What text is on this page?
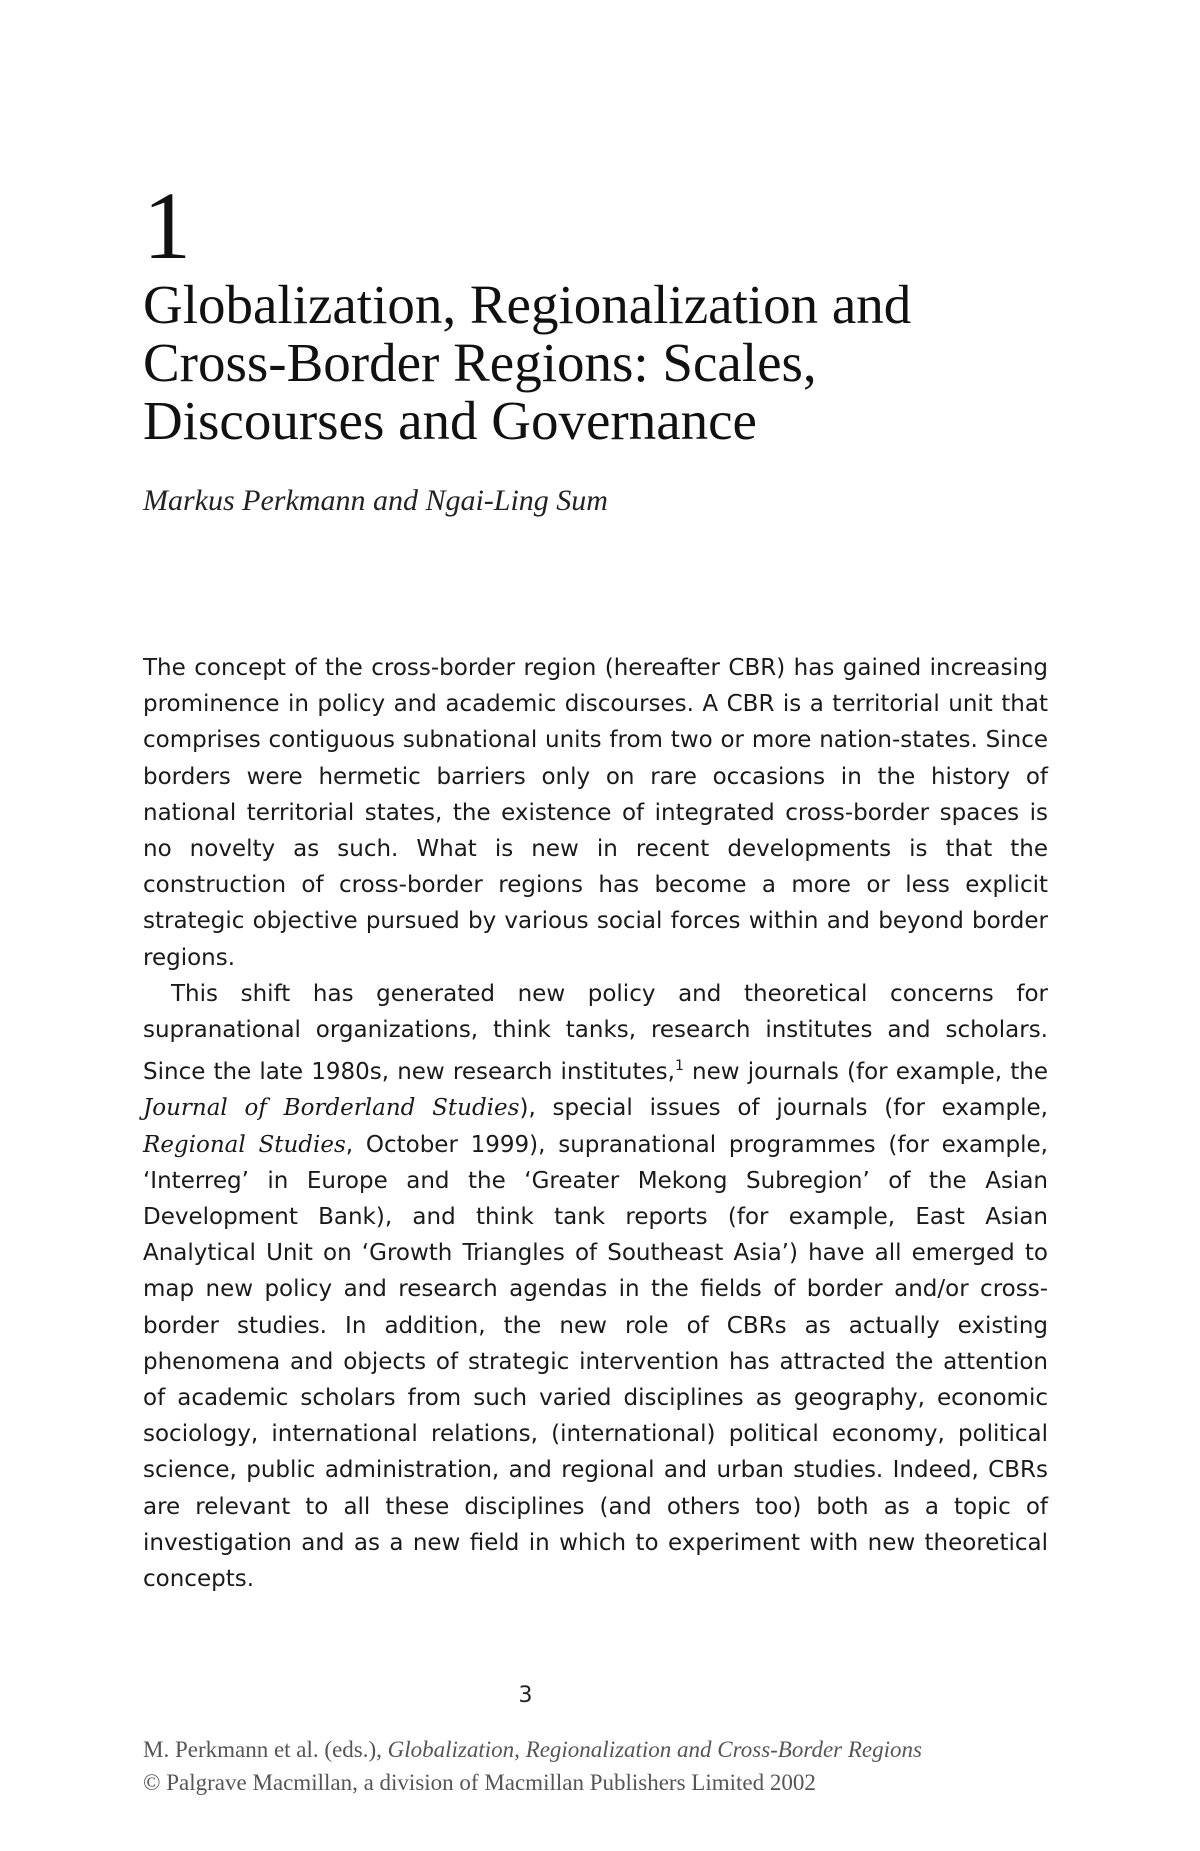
1
Globalization, Regionalization and
Cross-Border Regions: Scales,
Discourses and Governance
Markus Perkmann and Ngai-Ling Sum

The concept of the cross-border region (hereafter CBR) has gained increasing prominence in policy and academic discourses. A CBR is a territorial unit that comprises contiguous subnational units from two or more nation-states. Since borders were hermetic barriers only on rare occasions in the history of national territorial states, the existence of integrated cross-border spaces is no novelty as such. What is new in recent developments is that the construction of cross-border regions has become a more or less explicit strategic objective pursued by various social forces within and beyond border regions.

This shift has generated new policy and theoretical concerns for supranational organizations, think tanks, research institutes and scholars. Since the late 1980s, new research institutes,$^1$ new journals (for example, the Journal of Borderland Studies), special issues of journals (for example, Regional Studies, October 1999), supranational programmes (for example, ‘Interreg’ in Europe and the ‘Greater Mekong Subregion’ of the Asian Development Bank), and think tank reports (for example, East Asian Analytical Unit on ‘Growth Triangles of Southeast Asia’) have all emerged to map new policy and research agendas in the fields of border and/or cross-border studies. In addition, the new role of CBRs as actually existing phenomena and objects of strategic intervention has attracted the attention of academic scholars from such varied disciplines as geography, economic sociology, international relations, (international) political economy, political science, public administration, and regional and urban studies. Indeed, CBRs are relevant to all these disciplines (and others too) both as a topic of investigation and as a new field in which to experiment with new theoretical concepts.

3
M. Perkmann et al. (eds.), Globalization, Regionalization and Cross-Border Regions
© Palgrave Macmillan, a division of Macmillan Publishers Limited 2002
